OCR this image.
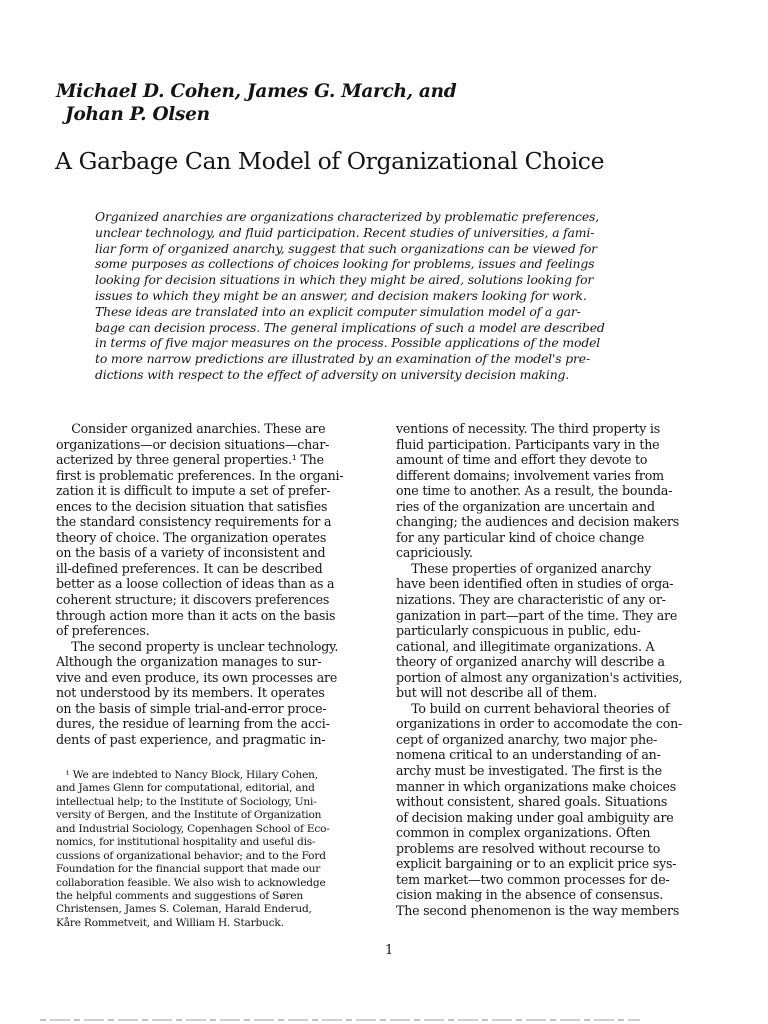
Michael D. Cohen, James G. March, and
Johan P. Olsen
A Garbage Can Model of Organizational Choice
Organized anarchies are organizations characterized by problematic preferences,
unclear technology, and fluid participation. Recent studies of universities, a fami-
liar form of organized anarchy, suggest that such organizations can be viewed for
some purposes as collections of choices looking for problems, issues and feelings
looking for decision situations in which they might be aired, solutions looking for
issues to which they might be an answer, and decision makers looking for work.
These ideas are translated into an explicit computer simulation model of a gar-
bage can decision process. The general implications of such a model are described
in terms of five major measures on the process. Possible applications of the model
to more narrow predictions are illustrated by an examination of the model's pre-
dictions with respect to the effect of adversity on university decision making.
Consider organized anarchies. These are
organizations—or decision situations—char-
acterized by three general properties.¹ The
first is problematic preferences. In the organi-
zation it is difficult to impute a set of prefer-
ences to the decision situation that satisfies
the standard consistency requirements for a
theory of choice. The organization operates
on the basis of a variety of inconsistent and
ill-defined preferences. It can be described
better as a loose collection of ideas than as a
coherent structure; it discovers preferences
through action more than it acts on the basis
of preferences.
The second property is unclear technology.
Although the organization manages to sur-
vive and even produce, its own processes are
not understood by its members. It operates
on the basis of simple trial-and-error proce-
dures, the residue of learning from the acci-
dents of past experience, and pragmatic in-
ventions of necessity. The third property is
fluid participation. Participants vary in the
amount of time and effort they devote to
different domains; involvement varies from
one time to another. As a result, the bounda-
ries of the organization are uncertain and
changing; the audiences and decision makers
for any particular kind of choice change
capriciously.
These properties of organized anarchy
have been identified often in studies of orga-
nizations. They are characteristic of any or-
ganization in part—part of the time. They are
particularly conspicuous in public, edu-
cational, and illegitimate organizations. A
theory of organized anarchy will describe a
portion of almost any organization's activities,
but will not describe all of them.
To build on current behavioral theories of
organizations in order to accomodate the con-
cept of organized anarchy, two major phe-
nomena critical to an understanding of an-
archy must be investigated. The first is the
manner in which organizations make choices
without consistent, shared goals. Situations
of decision making under goal ambiguity are
common in complex organizations. Often
problems are resolved without recourse to
explicit bargaining or to an explicit price sys-
tem market—two common processes for de-
cision making in the absence of consensus.
The second phenomenon is the way members
¹ We are indebted to Nancy Block, Hilary Cohen,
and James Glenn for computational, editorial, and
intellectual help; to the Institute of Sociology, Uni-
versity of Bergen, and the Institute of Organization
and Industrial Sociology, Copenhagen School of Eco-
nomics, for institutional hospitality and useful dis-
cussions of organizational behavior; and to the Ford
Foundation for the financial support that made our
collaboration feasible. We also wish to acknowledge
the helpful comments and suggestions of Søren
Christensen, James S. Coleman, Harald Enderud,
Kåre Rommetveit, and William H. Starbuck.
1
